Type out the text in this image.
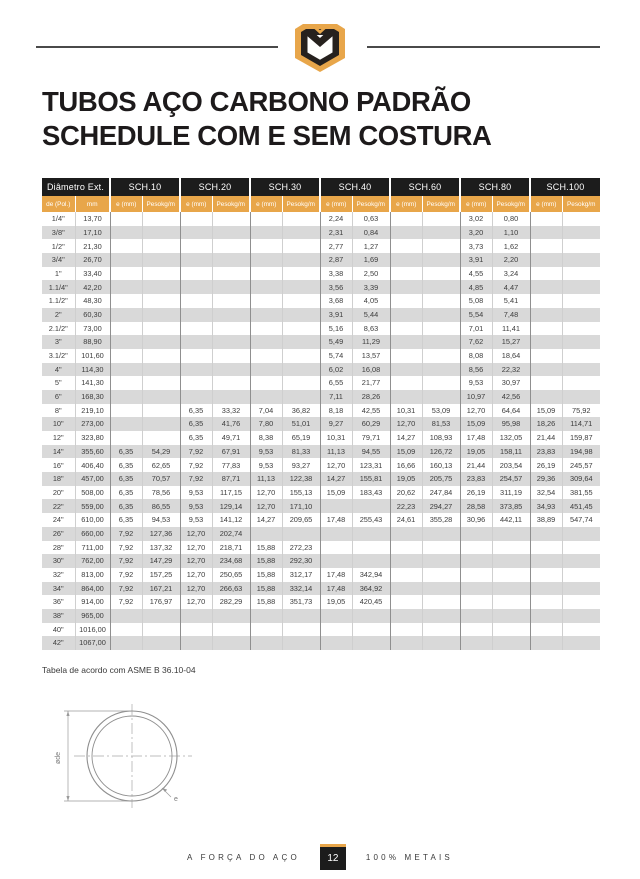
TUBOS AÇO CARBONO PADRÃO
SCHEDULE COM E SEM COSTURA
Diâmetro Ext.		SCH.10		SCH.20		SCH.30		SCH.40		SCH.60		SCH.80		SCH.100	
de (Pol.)	mm	e (mm)	Pesokg/m	e (mm)	Pesokg/m	e (mm)	Pesokg/m	e (mm)	Pesokg/m	e (mm)	Pesokg/m	e (mm)	Pesokg/m	e (mm)	Pesokg/m
1/4"	13,70							2,24	0,63			3,02	0,80		
3/8"	17,10							2,31	0,84			3,20	1,10		
1/2"	21,30							2,77	1,27			3,73	1,62		
3/4"	26,70							2,87	1,69			3,91	2,20		
1"	33,40							3,38	2,50			4,55	3,24		
1.1/4"	42,20							3,56	3,39			4,85	4,47		
1.1/2"	48,30							3,68	4,05			5,08	5,41		
2"	60,30							3,91	5,44			5,54	7,48		
2.1/2"	73,00							5,16	8,63			7,01	11,41		
3"	88,90							5,49	11,29			7,62	15,27		
3.1/2"	101,60							5,74	13,57			8,08	18,64		
4"	114,30							6,02	16,08			8,56	22,32		
5"	141,30							6,55	21,77			9,53	30,97		
6"	168,30							7,11	28,26			10,97	42,56		
8"	219,10			6,35	33,32	7,04	36,82	8,18	42,55	10,31	53,09	12,70	64,64	15,09	75,92
10"	273,00			6,35	41,76	7,80	51,01	9,27	60,29	12,70	81,53	15,09	95,98	18,26	114,71
12"	323,80			6,35	49,71	8,38	65,19	10,31	79,71	14,27	108,93	17,48	132,05	21,44	159,87
14"	355,60	6,35	54,29	7,92	67,91	9,53	81,33	11,13	94,55	15,09	126,72	19,05	158,11	23,83	194,98
16"	406,40	6,35	62,65	7,92	77,83	9,53	93,27	12,70	123,31	16,66	160,13	21,44	203,54	26,19	245,57
18"	457,00	6,35	70,57	7,92	87,71	11,13	122,38	14,27	155,81	19,05	205,75	23,83	254,57	29,36	309,64
20"	508,00	6,35	78,56	9,53	117,15	12,70	155,13	15,09	183,43	20,62	247,84	26,19	311,19	32,54	381,55
22"	559,00	6,35	86,55	9,53	129,14	12,70	171,10			22,23	294,27	28,58	373,85	34,93	451,45
24"	610,00	6,35	94,53	9,53	141,12	14,27	209,65	17,48	255,43	24,61	355,28	30,96	442,11	38,89	547,74
26"	660,00	7,92	127,36	12,70	202,74										
28"	711,00	7,92	137,32	12,70	218,71	15,88	272,23								
30"	762,00	7,92	147,29	12,70	234,68	15,88	292,30								
32"	813,00	7,92	157,25	12,70	250,65	15,88	312,17	17,48	342,94						
34"	864,00	7,92	167,21	12,70	266,63	15,88	332,14	17,48	364,92						
36"	914,00	7,92	176,97	12,70	282,29	15,88	351,73	19,05	420,45						
38"	965,00														
40"	1016,00														
42"	1067,00														
Tabela de acordo com ASME B 36.10-04
øde
e
A FORÇA DO AÇO	12	100% METAIS
